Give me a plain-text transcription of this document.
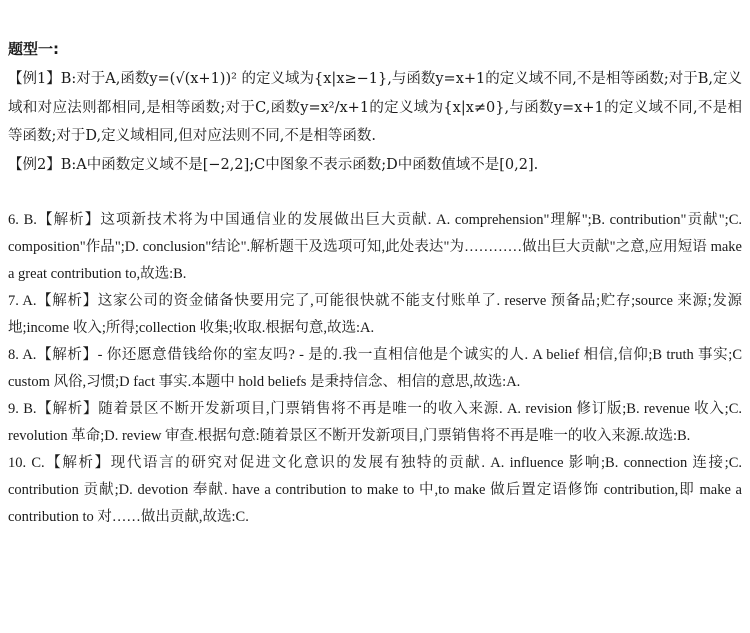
题型一:

【例1】B:对于A,函数y=(√(x+1))² 的定义域为{x|x≥−1},与函数y=x+1的定义域不同,不是相等函数;对于B,定义域和对应法则都相同,是相等函数;对于C,函数y=x²/x+1的定义域为{x|x≠0},与函数y=x+1的定义域不同,不是相等函数;对于D,定义域相同,但对应法则不同,不是相等函数.

【例2】B:A中函数定义域不是[−2,2];C中图象不表示函数;D中函数值域不是[0,2].

6. B.【解析】这项新技术将为中国通信业的发展做出巨大贡献. A. comprehension"理解";B. contribution"贡献";C. composition"作品";D. conclusion"结论".解析题干及选项可知,此处表达"为…………做出巨大贡献"之意,应用短语 make a great contribution to,故选:B.

7. A.【解析】这家公司的资金储备快要用完了,可能很快就不能支付账单了. reserve 预备品;贮存;source 来源;发源地;income 收入;所得;collection 收集;收取.根据句意,故选:A.

8. A.【解析】- 你还愿意借钱给你的室友吗? - 是的.我一直相信他是个诚实的人. A belief 相信,信仰;B truth 事实;C custom 风俗,习惯;D fact 事实.本题中 hold beliefs 是秉持信念、相信的意思,故选:A.

9. B.【解析】随着景区不断开发新项目,门票销售将不再是唯一的收入来源. A. revision 修订版;B. revenue 收入;C. revolution 革命;D. review 审查.根据句意:随着景区不断开发新项目,门票销售将不再是唯一的收入来源.故选:B.

10. C.【解析】现代语言的研究对促进文化意识的发展有独特的贡献. A. influence 影响;B. connection 连接;C. contribution 贡献;D. devotion 奉献. have a contribution to make to 中,to make 做后置定语修饰 contribution,即 make a contribution to 对……做出贡献,故选:C.
